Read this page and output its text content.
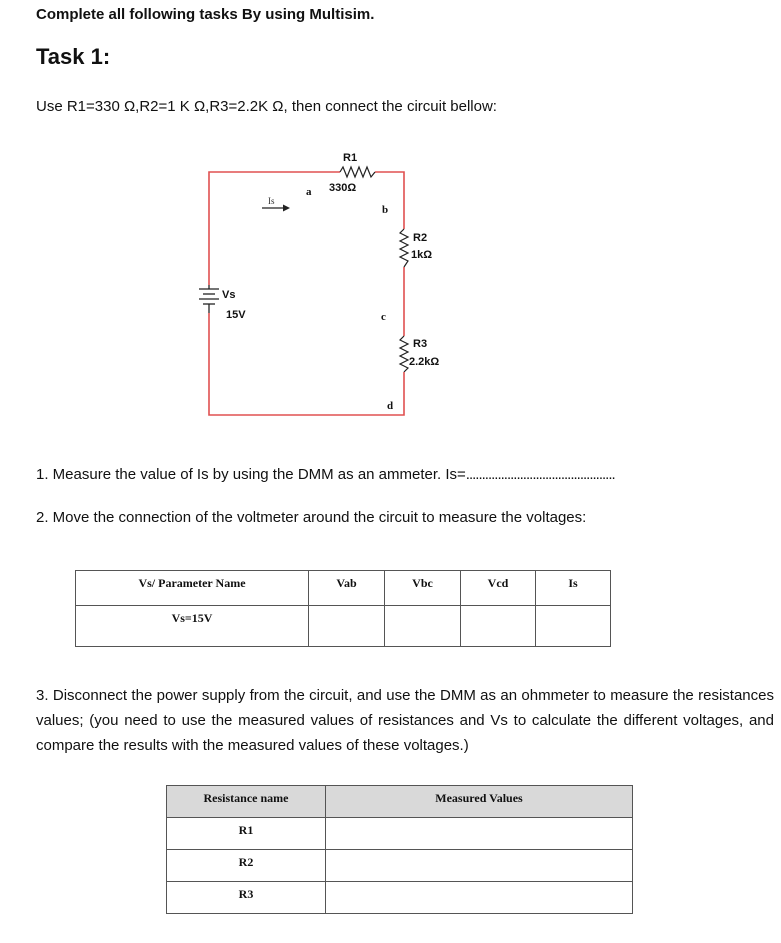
Complete all following tasks By using Multisim.
Task 1:
Use R1=330 Ω,R2=1 K Ω,R3=2.2K Ω, then connect the circuit bellow:
R1
330Ω
a
b
Is
R2
1kΩ
Vs
15V	c
R3
2.2kΩ
d
1. Measure the value of Is by using the DMM as an ammeter. Is=...............................................
2. Move the connection of the voltmeter around the circuit to measure the voltages:
Vs/ Parameter Name	Vab	Vbc	Vcd	Is

Vs=15V				

3. Disconnect the power supply from the circuit, and use the DMM as an ohmmeter to measure the resistances values; (you need to use the measured values of resistances and Vs to calculate the different voltages, and compare the results with the measured values of these voltages.)
Resistance name	Measured Values

R1	

R2	

R3	
